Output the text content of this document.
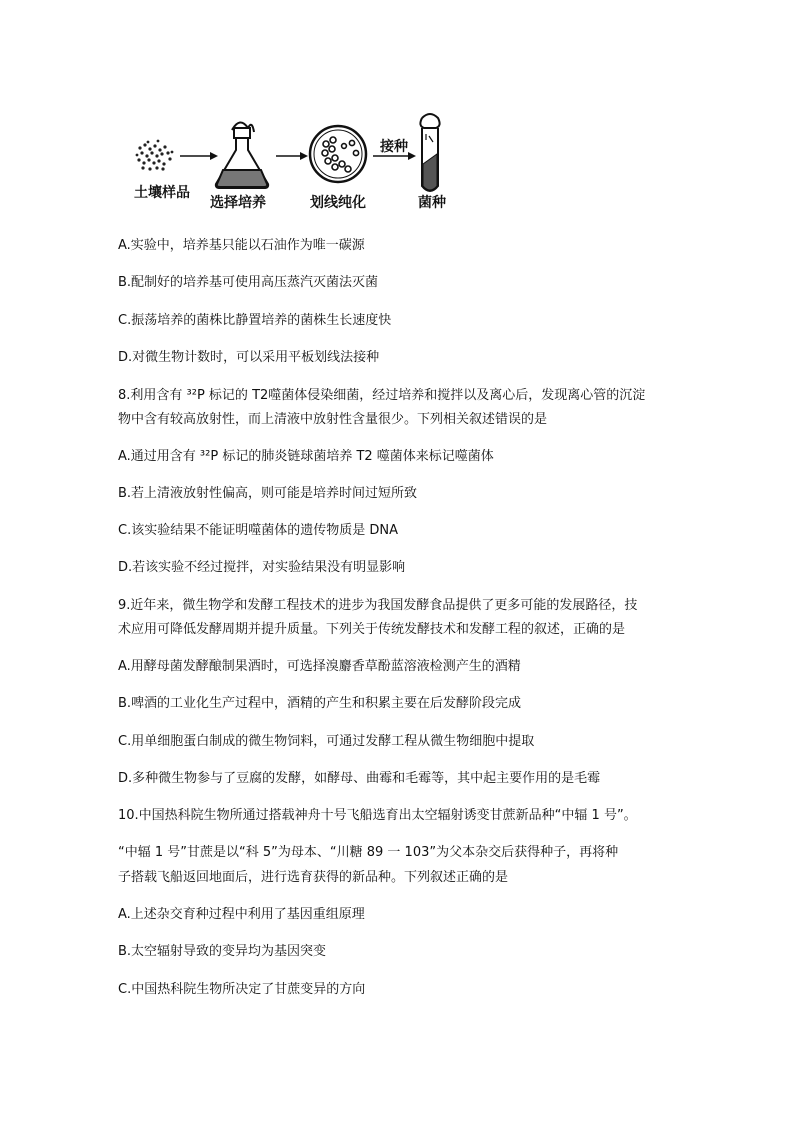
土壤样品
选择培养	划线纯化
接种
菌种
A.实验中，培养基只能以石油作为唯一碳源
B.配制好的培养基可使用高压蒸汽灭菌法灭菌
C.振荡培养的菌株比静置培养的菌株生长速度快
D.对微生物计数时，可以采用平板划线法接种
8.利用含有 ³²P 标记的 T2噬菌体侵染细菌，经过培养和搅拌以及离心后，发现离心管的沉淀
物中含有较高放射性，而上清液中放射性含量很少。下列相关叙述错误的是
A.通过用含有 ³²P 标记的肺炎链球菌培养 T2 噬菌体来标记噬菌体
B.若上清液放射性偏高，则可能是培养时间过短所致
C.该实验结果不能证明噬菌体的遗传物质是 DNA
D.若该实验不经过搅拌，对实验结果没有明显影响
9.近年来，微生物学和发酵工程技术的进步为我国发酵食品提供了更多可能的发展路径，技
术应用可降低发酵周期并提升质量。下列关于传统发酵技术和发酵工程的叙述，正确的是
A.用酵母菌发酵酿制果酒时，可选择溴麝香草酚蓝溶液检测产生的酒精
B.啤酒的工业化生产过程中，酒精的产生和积累主要在后发酵阶段完成
C.用单细胞蛋白制成的微生物饲料，可通过发酵工程从微生物细胞中提取
D.多种微生物参与了豆腐的发酵，如酵母、曲霉和毛霉等，其中起主要作用的是毛霉
10.中国热科院生物所通过搭载神舟十号飞船选育出太空辐射诱变甘蔗新品种“中辐 1 号”。
“中辐 1 号”甘蔗是以“科 5”为母本、“川糖 89 一 103”为父本杂交后获得种子，再将种
子搭载飞船返回地面后，进行选育获得的新品种。下列叙述正确的是
A.上述杂交育种过程中利用了基因重组原理
B.太空辐射导致的变异均为基因突变
C.中国热科院生物所决定了甘蔗变异的方向
